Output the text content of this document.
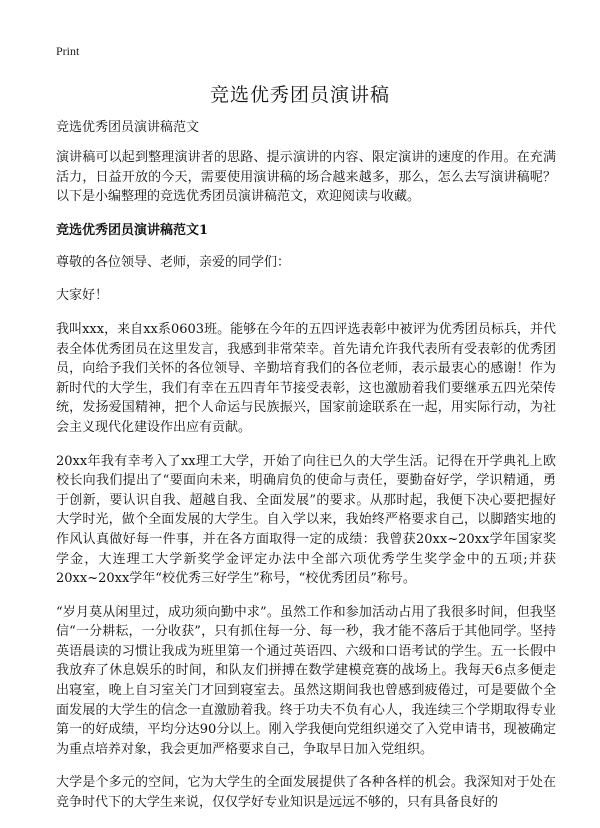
Print
竞选优秀团员演讲稿
竞选优秀团员演讲稿范文

演讲稿可以起到整理演讲者的思路、提示演讲的内容、限定演讲的速度的作用。在充满活力，日益开放的今天，需要使用演讲稿的场合越来越多，那么，怎么去写演讲稿呢？以下是小编整理的竞选优秀团员演讲稿范文，欢迎阅读与收藏。

竞选优秀团员演讲稿范文1

尊敬的各位领导、老师，亲爱的同学们：

大家好！

我叫xxx，来自xx系0603班。能够在今年的五四评选表彰中被评为优秀团员标兵，并代表全体优秀团员在这里发言，我感到非常荣幸。首先请允许我代表所有受表彰的优秀团员，向给予我们关怀的各位领导、辛勤培育我们的各位老师，表示最衷心的感谢！作为新时代的大学生，我们有幸在五四青年节接受表彰，这也激励着我们要继承五四光荣传统，发扬爱国精神，把个人命运与民族振兴，国家前途联系在一起，用实际行动，为社会主义现代化建设作出应有贡献。

20xx年我有幸考入了xx理工大学，开始了向往已久的大学生活。记得在开学典礼上欧校长向我们提出了“要面向未来，明确肩负的使命与责任，要勤奋好学，学识精通，勇于创新，要认识自我、超越自我、全面发展”的要求。从那时起，我便下决心要把握好大学时光，做个全面发展的大学生。自入学以来，我始终严格要求自己，以脚踏实地的作风认真做好每一件事，并在各方面取得一定的成绩：我曾获20xx~20xx学年国家奖学金，大连理工大学新奖学金评定办法中全部六项优秀学生奖学金中的五项;并获20xx~20xx学年“校优秀三好学生”称号，“校优秀团员”称号。

“岁月莫从闲里过，成功须向勤中求”。虽然工作和参加活动占用了我很多时间，但我坚信“一分耕耘，一分收获”，只有抓住每一分、每一秒，我才能不落后于其他同学。坚持英语晨读的习惯让我成为班里第一个通过英语四、六级和口语考试的学生。五一长假中我放弃了休息娱乐的时间，和队友们拼搏在数学建模竞赛的战场上。我每天6点多便走出寝室，晚上自习室关门才回到寝室去。虽然这期间我也曾感到疲倦过，可是要做个全面发展的大学生的信念一直激励着我。终于功夫不负有心人，我连续三个学期取得专业第一的好成绩，平均分达90分以上。刚入学我便向党组织递交了入党申请书，现被确定为重点培养对象，我会更加严格要求自己，争取早日加入党组织。

大学是个多元的空间，它为大学生的全面发展提供了各种各样的机会。我深知对于处在竞争时代下的大学生来说，仅仅学好专业知识是远远不够的，只有具备良好的
